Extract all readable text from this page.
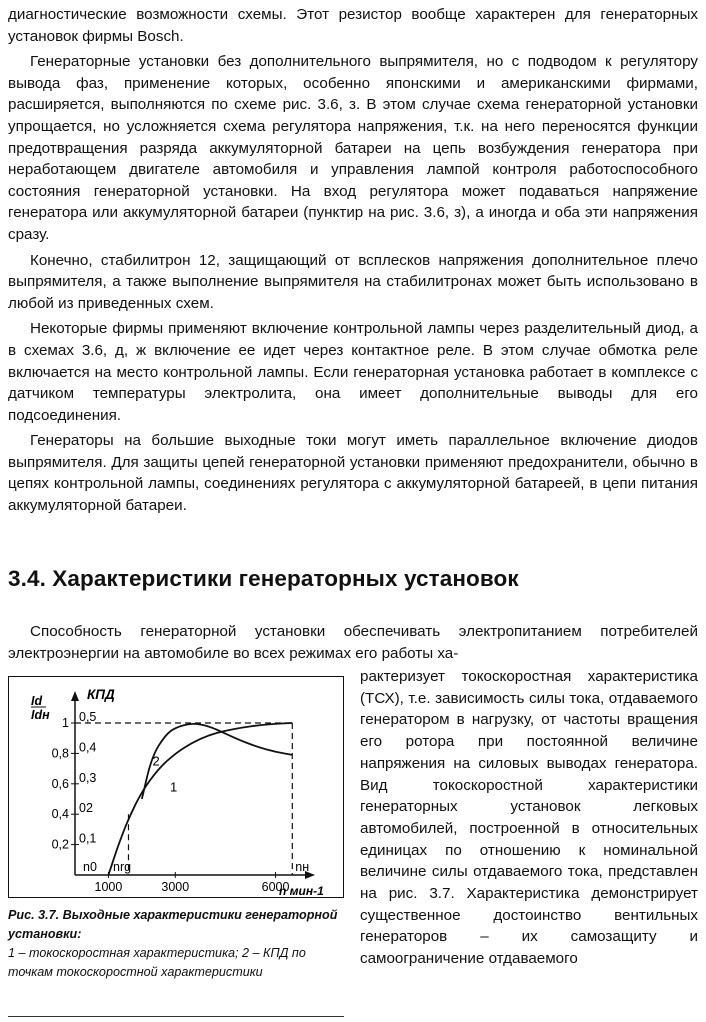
диагностические возможности схемы. Этот резистор вообще характерен для генераторных установок фирмы Bosch.

Генераторные установки без дополнительного выпрямителя, но с подводом к регулятору вывода фаз, применение которых, особенно японскими и американскими фирмами, расширяется, выполняются по схеме рис. 3.6, з. В этом случае схема генераторной установки упрощается, но усложняется схема регулятора напряжения, т.к. на него переносятся функции предотвращения разряда аккумуляторной батареи на цепь возбуждения генератора при неработающем двигателе автомобиля и управления лампой контроля работоспособного состояния генераторной установки. На вход регулятора может подаваться напряжение генератора или аккумуляторной батареи (пунктир на рис. 3.6, з), а иногда и оба эти напряжения сразу.

Конечно, стабилитрон 12, защищающий от всплесков напряжения дополнительное плечо выпрямителя, а также выполнение выпрямителя на стабилитронах может быть использовано в любой из приведенных схем.

Некоторые фирмы применяют включение контрольной лампы через разделительный диод, а в схемах 3.6, д, ж включение ее идет через контактное реле. В этом случае обмотка реле включается на место контрольной лампы. Если генераторная установка работает в комплексе с датчиком температуры электролита, она имеет дополнительные выводы для его подсоединения.

Генераторы на большие выходные токи могут иметь параллельное включение диодов выпрямителя. Для защиты цепей генераторной установки применяют предохранители, обычно в цепях контрольной лампы, соединениях регулятора с аккумуляторной батареей, в цепи питания аккумуляторной батареи.

3.4. Характеристики генераторных установок

Способность генераторной установки обеспечивать электропитанием потребителей электроэнергии на автомобиле во всех режимах его работы ха-

Id
Idн
КПД
n мин-1
1 0,5
0,8 0,4
0,6 0,3
0,4 02
0,2 0,1
1000	3000	6000
n0 nrg	nн
1
2
Рис. 3.7. Выходные характеристики генераторной установки:
1 – токоскоростная характеристика; 2 – КПД по точкам токоскоростной характеристики

рактеризует токоскоростная характеристика (ТСХ), т.е. зависимость силы тока, отдаваемого генератором в нагрузку, от частоты вращения его ротора при постоянной величине напряжения на силовых выводах генератора. Вид токоскоростной характеристики генераторных установок легковых автомобилей, построенной в относительных единицах по отношению к номинальной величине силы отдаваемого тока, представлен на рис. 3.7. Характеристика демонстрирует существенное достоинство вентильных генераторов – их самозащиту и самоограничение отдаваемого
